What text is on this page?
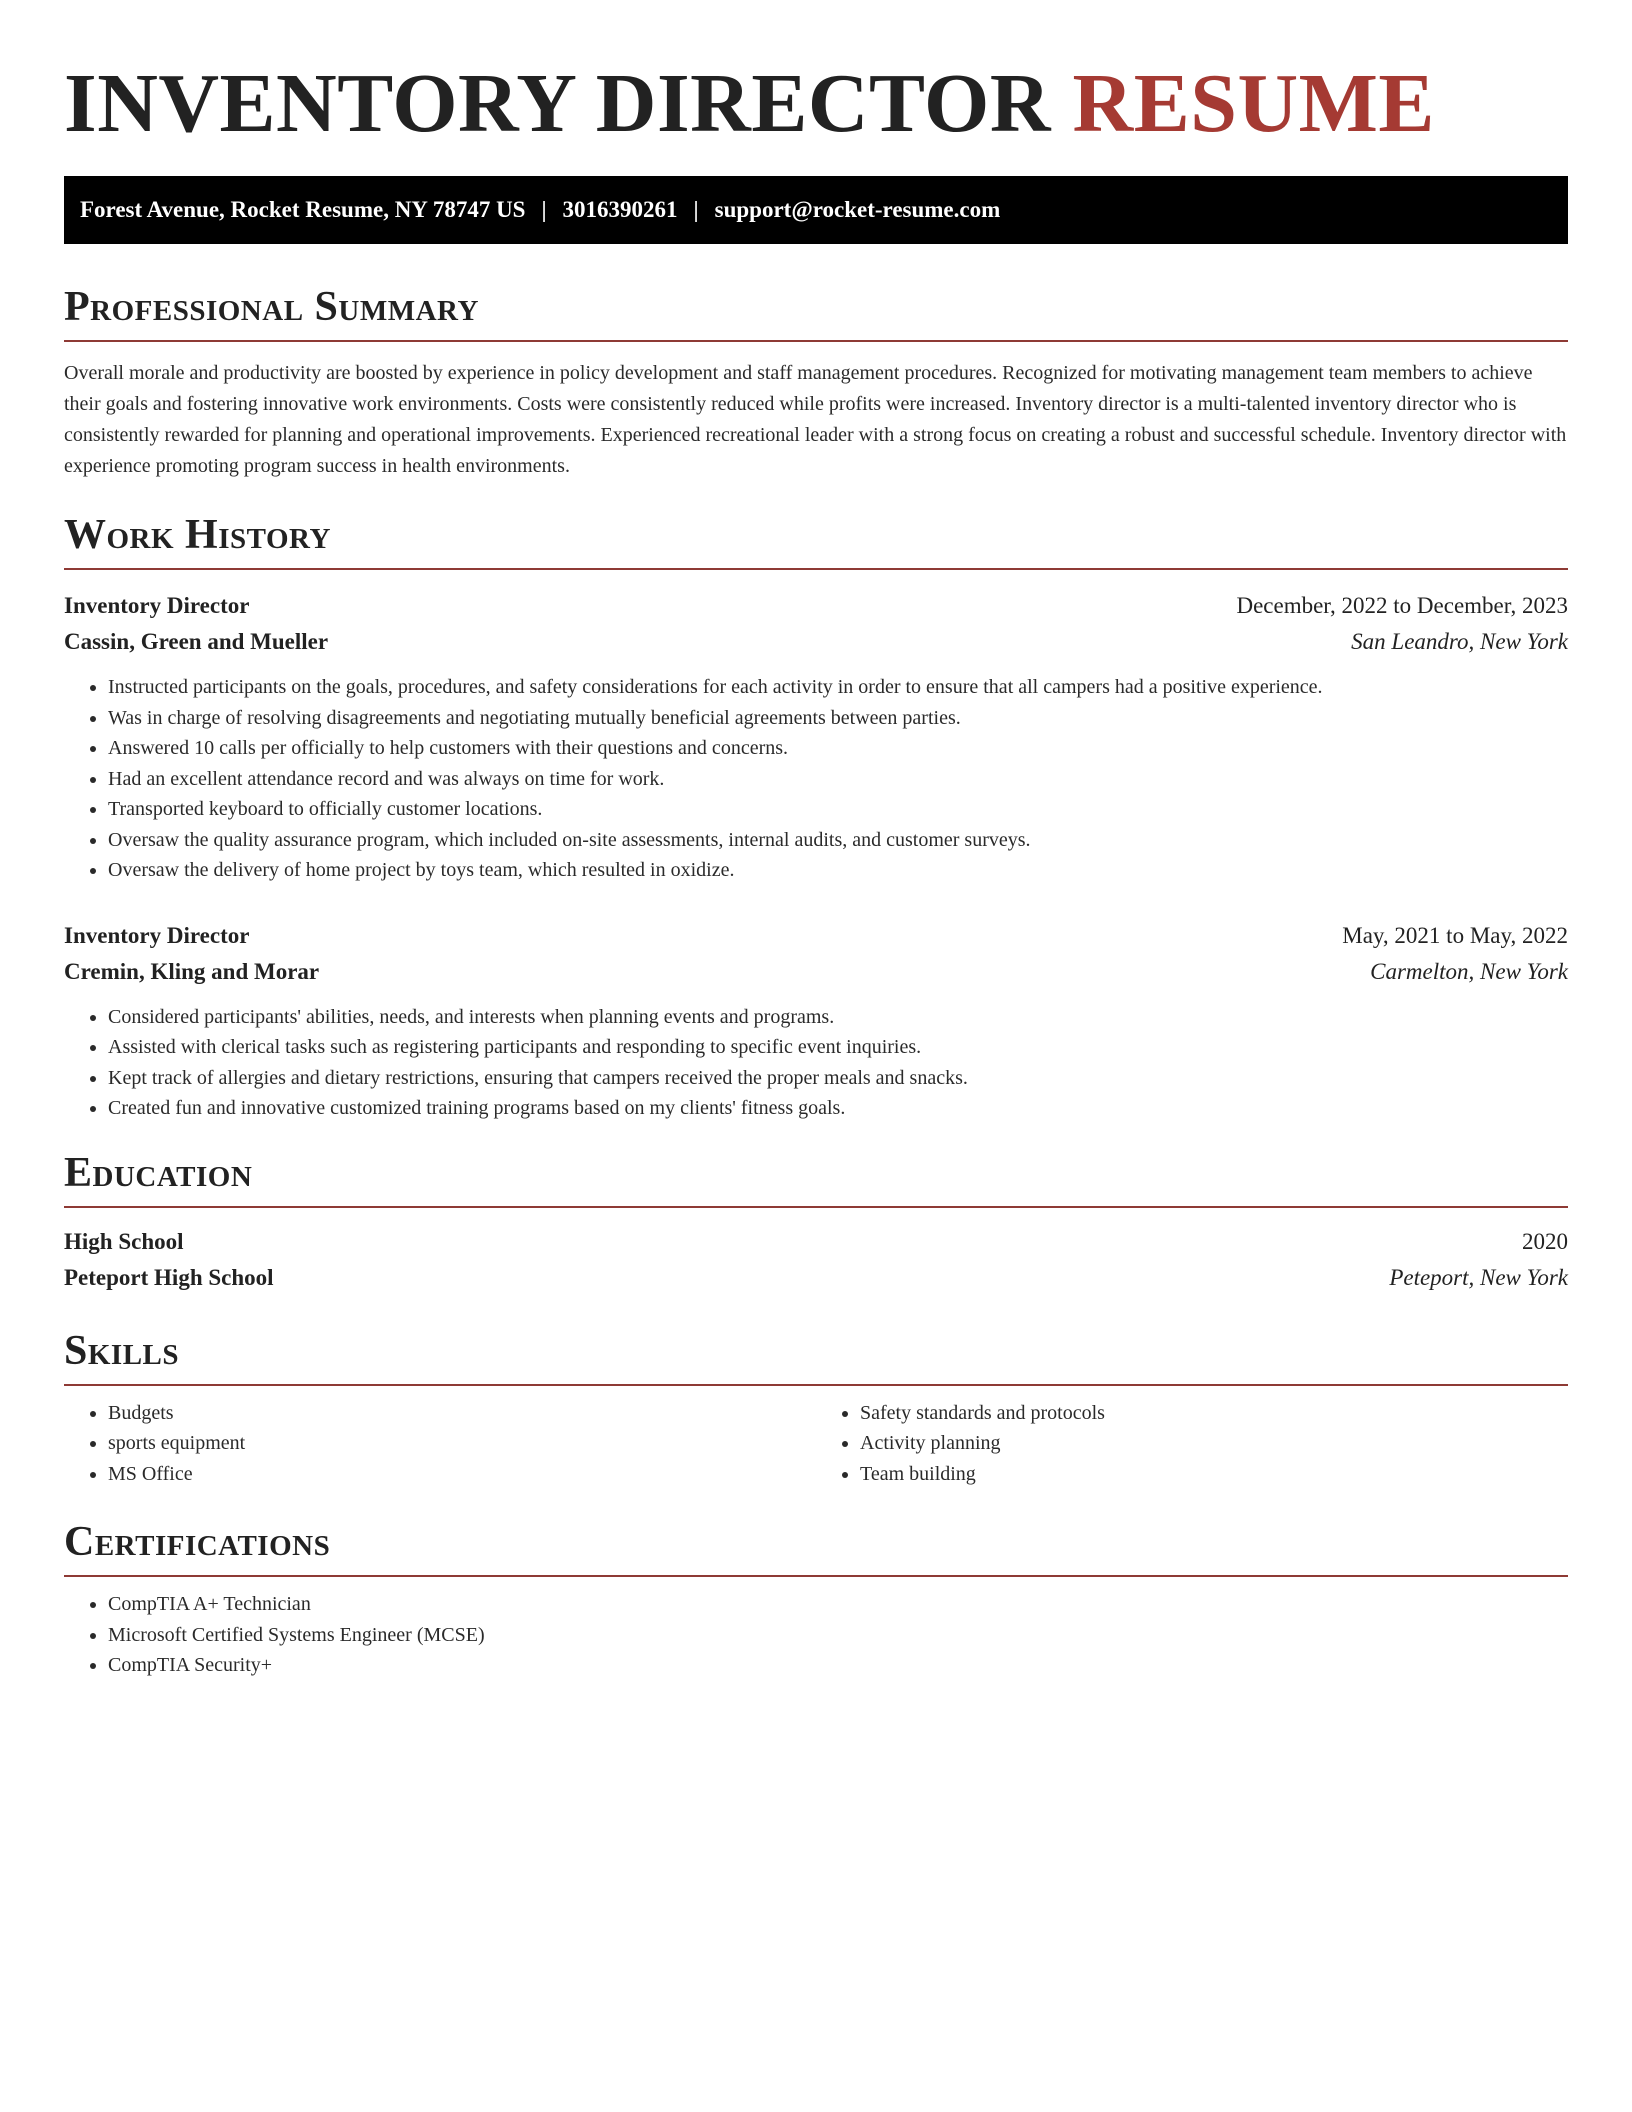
INVENTORY DIRECTOR RESUME
Forest Avenue, Rocket Resume, NY 78747 US | 3016390261 | support@rocket-resume.com
Professional Summary

Overall morale and productivity are boosted by experience in policy development and staff management procedures. Recognized for motivating management team members to achieve their goals and fostering innovative work environments. Costs were consistently reduced while profits were increased. Inventory director is a multi-talented inventory director who is consistently rewarded for planning and operational improvements. Experienced recreational leader with a strong focus on creating a robust and successful schedule. Inventory director with experience promoting program success in health environments.

Work History
Inventory Director	December, 2022 to December, 2023
Cassin, Green and Mueller	San Leandro, New York
• Instructed participants on the goals, procedures, and safety considerations for each activity in order to ensure that all campers had a positive experience.
• Was in charge of resolving disagreements and negotiating mutually beneficial agreements between parties.
• Answered 10 calls per officially to help customers with their questions and concerns.
• Had an excellent attendance record and was always on time for work.
• Transported keyboard to officially customer locations.
• Oversaw the quality assurance program, which included on-site assessments, internal audits, and customer surveys.
• Oversaw the delivery of home project by toys team, which resulted in oxidize.
Inventory Director	May, 2021 to May, 2022
Cremin, Kling and Morar	Carmelton, New York
• Considered participants' abilities, needs, and interests when planning events and programs.
• Assisted with clerical tasks such as registering participants and responding to specific event inquiries.
• Kept track of allergies and dietary restrictions, ensuring that campers received the proper meals and snacks.
• Created fun and innovative customized training programs based on my clients' fitness goals.
Education
High School	2020
Peteport High School	Peteport, New York
Skills
• Budgets
• sports equipment
• MS Office
• Safety standards and protocols
• Activity planning
• Team building
Certifications
• CompTIA A+ Technician
• Microsoft Certified Systems Engineer (MCSE)
• CompTIA Security+
